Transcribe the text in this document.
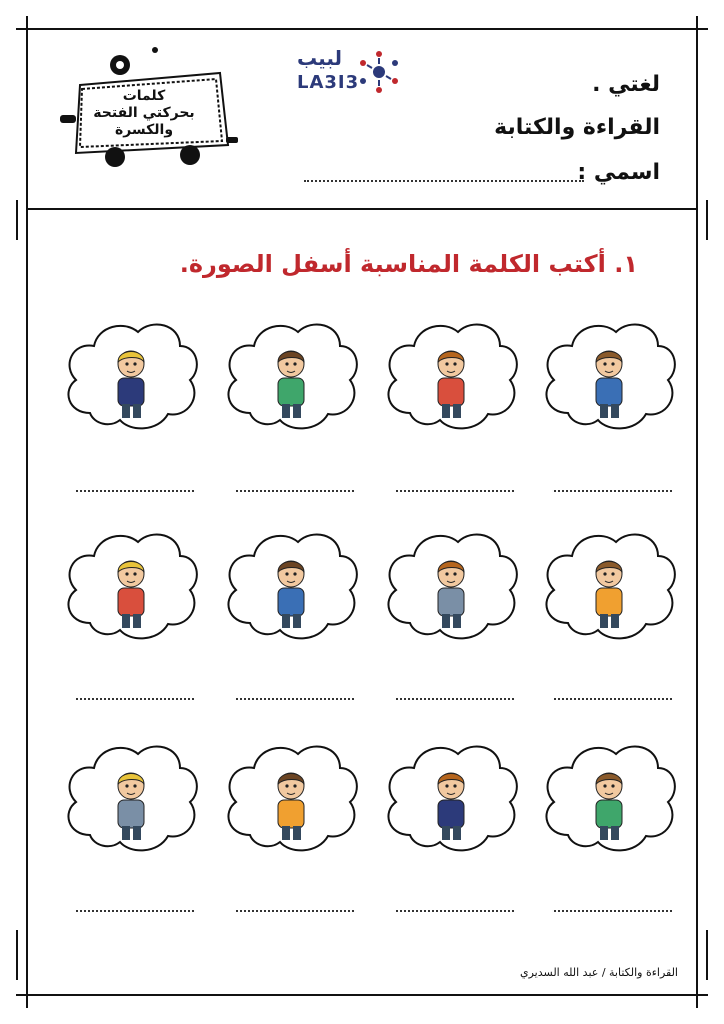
لغتي .
القراءة والكتابة
اسمي :
لبيب
LA3I3
كلمات
بحركتي الفتحة
والكسرة
١. أكتب الكلمة المناسبة أسفل الصورة.
القراءة والكتابة / عبد الله السديري
